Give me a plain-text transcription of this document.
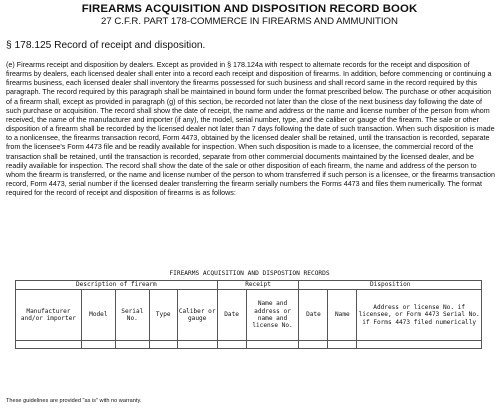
FIREARMS ACQUISITION AND DISPOSITION RECORD BOOK
27 C.F.R. PART 178-COMMERCE IN FIREARMS AND AMMUNITION
§ 178.125 Record of receipt and disposition.
(e) Firearms receipt and disposition by dealers. Except as provided in § 178.124a with respect to alternate records for the receipt and disposition of firearms by dealers, each licensed dealer shall enter into a record each receipt and disposition of firearms. In addition, before commencing or continuing a firearms business, each licensed dealer shall inventory the firearms possessed for such business and shall record same in the record required by this paragraph. The record required by this paragraph shall be maintained in bound form under the format prescribed below. The purchase or other acquisition of a firearm shall, except as provided in paragraph (g) of this section, be recorded not later than the close of the next business day following the date of such purchase or acquisition. The record shall show the date of receipt, the name and address or the name and license number of the person from whom received, the name of the manufacturer and importer (if any), the model, serial number, type, and the caliber or gauge of the firearm. The sale or other disposition of a firearm shall be recorded by the licensed dealer not later than 7 days following the date of such transaction. When such disposition is made to a nonlicensee, the firearms transaction record, Form 4473, obtained by the licensed dealer shall be retained, until the transaction is recorded, separate from the licensee's Form 4473 file and be readily available for inspection. When such disposition is made to a licensee, the commercial record of the transaction shall be retained, until the transaction is recorded, separate from other commercial documents maintained by the licensed dealer, and be readily available for inspection. The record shall show the date of the sale or other disposition of each firearm, the name and address of the person to whom the firearm is transferred, or the name and license number of the person to whom transferred if such person is a licensee, or the firearms transaction record, Form 4473, serial number if the licensed dealer transferring the firearm serially numbers the Forms 4473 and files them numerically. The format required for the record of receipt and disposition of firearms is as follows:
FIREARMS ACQUISITION AND DISPOSTION RECORDS
Description of firearm					Receipt		Disposition		
Manufacturer and/or importer	Model	Serial No.	Type	Caliber or gauge	Date	Name and address or name and license No.	Date	Name	Address or license No. if licensee, or Form 4473 Serial No. if Forms 4473 filed numerically

These guidelines are provided "as is" with no warranty.
